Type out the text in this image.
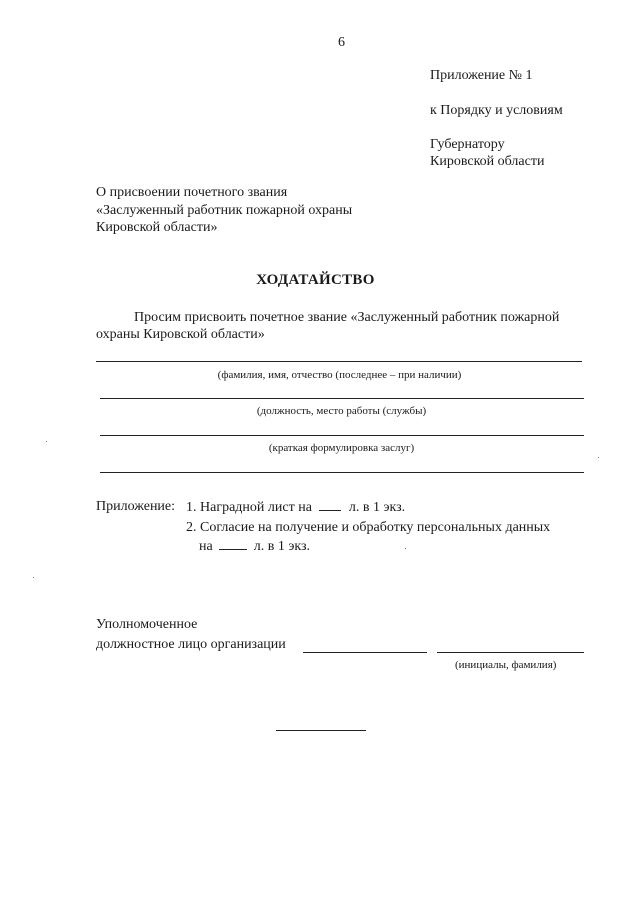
6
Приложение № 1
к Порядку и условиям
Губернатору
Кировской области
О присвоении почетного звания
«Заслуженный работник пожарной охраны
Кировской области»
ХОДАТАЙСТВО
Просим присвоить почетное звание «Заслуженный работник пожарной
охраны Кировской области»
(фамилия, имя, отчество (последнее – при наличии)
(должность, место работы (службы)
(краткая формулировка заслуг)
Приложение: 1. Наградной лист на	л. в 1 экз.
2. Согласие на получение и обработку персональных данных
на	л. в 1 экз.
Уполномоченное
должностное лицо организации
(инициалы, фамилия)
